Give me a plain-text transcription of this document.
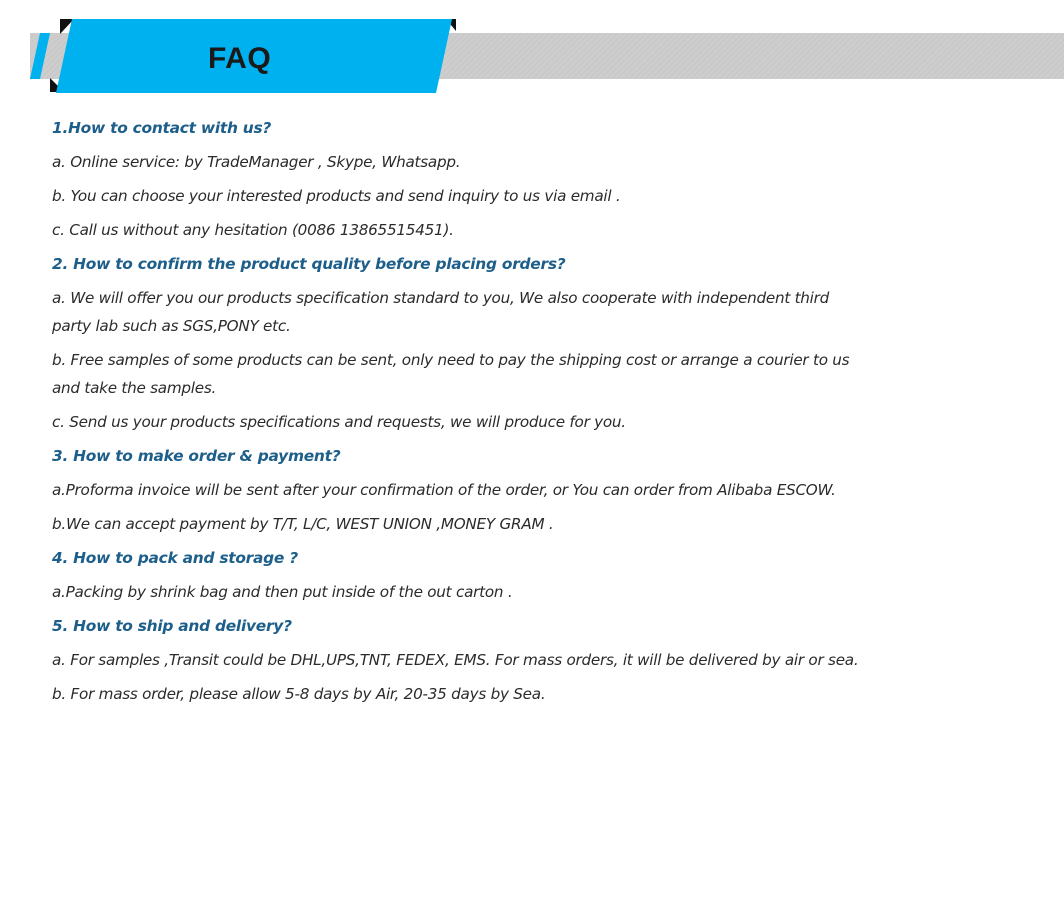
FAQ

1.How to contact with us?

a. Online service: by TradeManager , Skype, Whatsapp.

b. You can choose your interested products and send inquiry to us via email .

c. Call us without any hesitation (0086 13865515451).

2. How to confirm the product quality before placing orders?

a. We will offer you our products specification standard to you, We also cooperate with independent third

party lab such as SGS,PONY etc.

b. Free samples of some products can be sent, only need to pay the shipping cost or arrange a courier to us

and take the samples.

c. Send us your products specifications and requests, we will produce for you.

3. How to make order & payment?

a.Proforma invoice will be sent after your confirmation of the order, or You can order from Alibaba ESCOW.

b.We can accept payment by T/T, L/C, WEST UNION ,MONEY GRAM .

4. How to pack and storage ?

a.Packing by shrink bag and then put inside of the out carton .

5. How to ship and delivery?

a. For samples ,Transit could be DHL,UPS,TNT, FEDEX, EMS. For mass orders, it will be delivered by air or sea.

b. For mass order, please allow 5-8 days by Air, 20-35 days by Sea.
